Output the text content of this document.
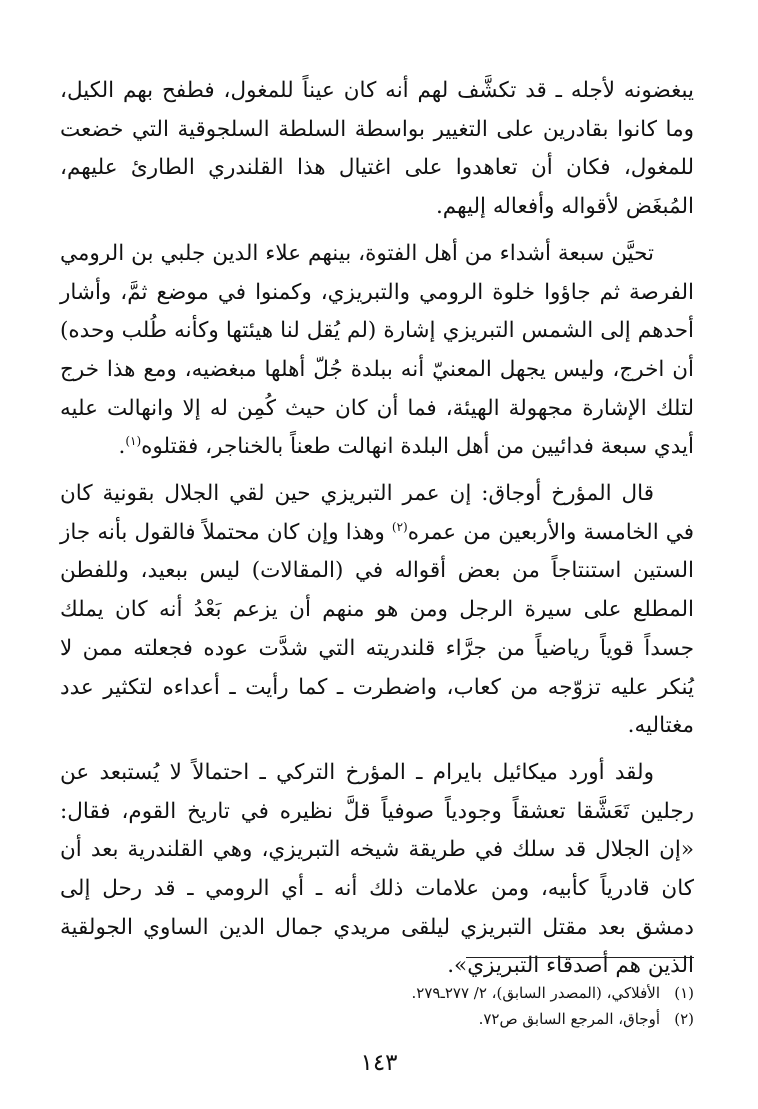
يبغضونه لأجله ـ قد تكشَّف لهم أنه كان عيناً للمغول، فطفح بهم الكيل، وما كانوا بقادرين على التغيير بواسطة السلطة السلجوقية التي خضعت للمغول، فكان أن تعاهدوا على اغتيال هذا القلندري الطارئ عليهم، المُبغَض لأقواله وأفعاله إليهم.

تحيَّن سبعة أشداء من أهل الفتوة، بينهم علاء الدين جلبي بن الرومي الفرصة ثم جاؤوا خلوة الرومي والتبريزي، وكمنوا في موضع ثمَّ، وأشار أحدهم إلى الشمس التبريزي إشارة (لم يُقل لنا هيئتها وكأنه طُلب وحده) أن اخرج، وليس يجهل المعنيّ أنه ببلدة جُلّ أهلها مبغضيه، ومع هذا خرج لتلك الإشارة مجهولة الهيئة، فما أن كان حيث كُمِن له إلا وانهالت عليه أيدي سبعة فدائيين من أهل البلدة انهالت طعناً بالخناجر، فقتلوه$^{(١)}$.

قال المؤرخ أوجاق: إن عمر التبريزي حين لقي الجلال بقونية كان في الخامسة والأربعين من عمره$^{(٢)}$ وهذا وإن كان محتملاً فالقول بأنه جاز الستين استنتاجاً من بعض أقواله في (المقالات) ليس ببعيد، وللفطن المطلع على سيرة الرجل ومن هو منهم أن يزعم بَعْدُ أنه كان يملك جسداً قوياً رياضياً من جرَّاء قلندريته التي شدَّت عوده فجعلته ممن لا يُنكر عليه تزوّجه من كعاب، واضطرت ـ كما رأيت ـ أعداءه لتكثير عدد مغتاليه.

ولقد أورد ميكائيل بايرام ـ المؤرخ التركي ـ احتمالاً لا يُستبعد عن رجلين تَعَشَّقا تعشقاً وجودياً صوفياً قلَّ نظيره في تاريخ القوم، فقال: «إن الجلال قد سلك في طريقة شيخه التبريزي، وهي القلندرية بعد أن كان قادرياً كأبيه، ومن علامات ذلك أنه ـ أي الرومي ـ قد رحل إلى دمشق بعد مقتل التبريزي ليلقى مريدي جمال الدين الساوي الجولقية الذين هم أصدقاء التبريزي».

(١)الأفلاكي، (المصدر السابق)، ٢/ ٢٧٧ـ٢٧٩.
(٢)أوجاق، المرجع السابق ص٧٢.
١٤٣
